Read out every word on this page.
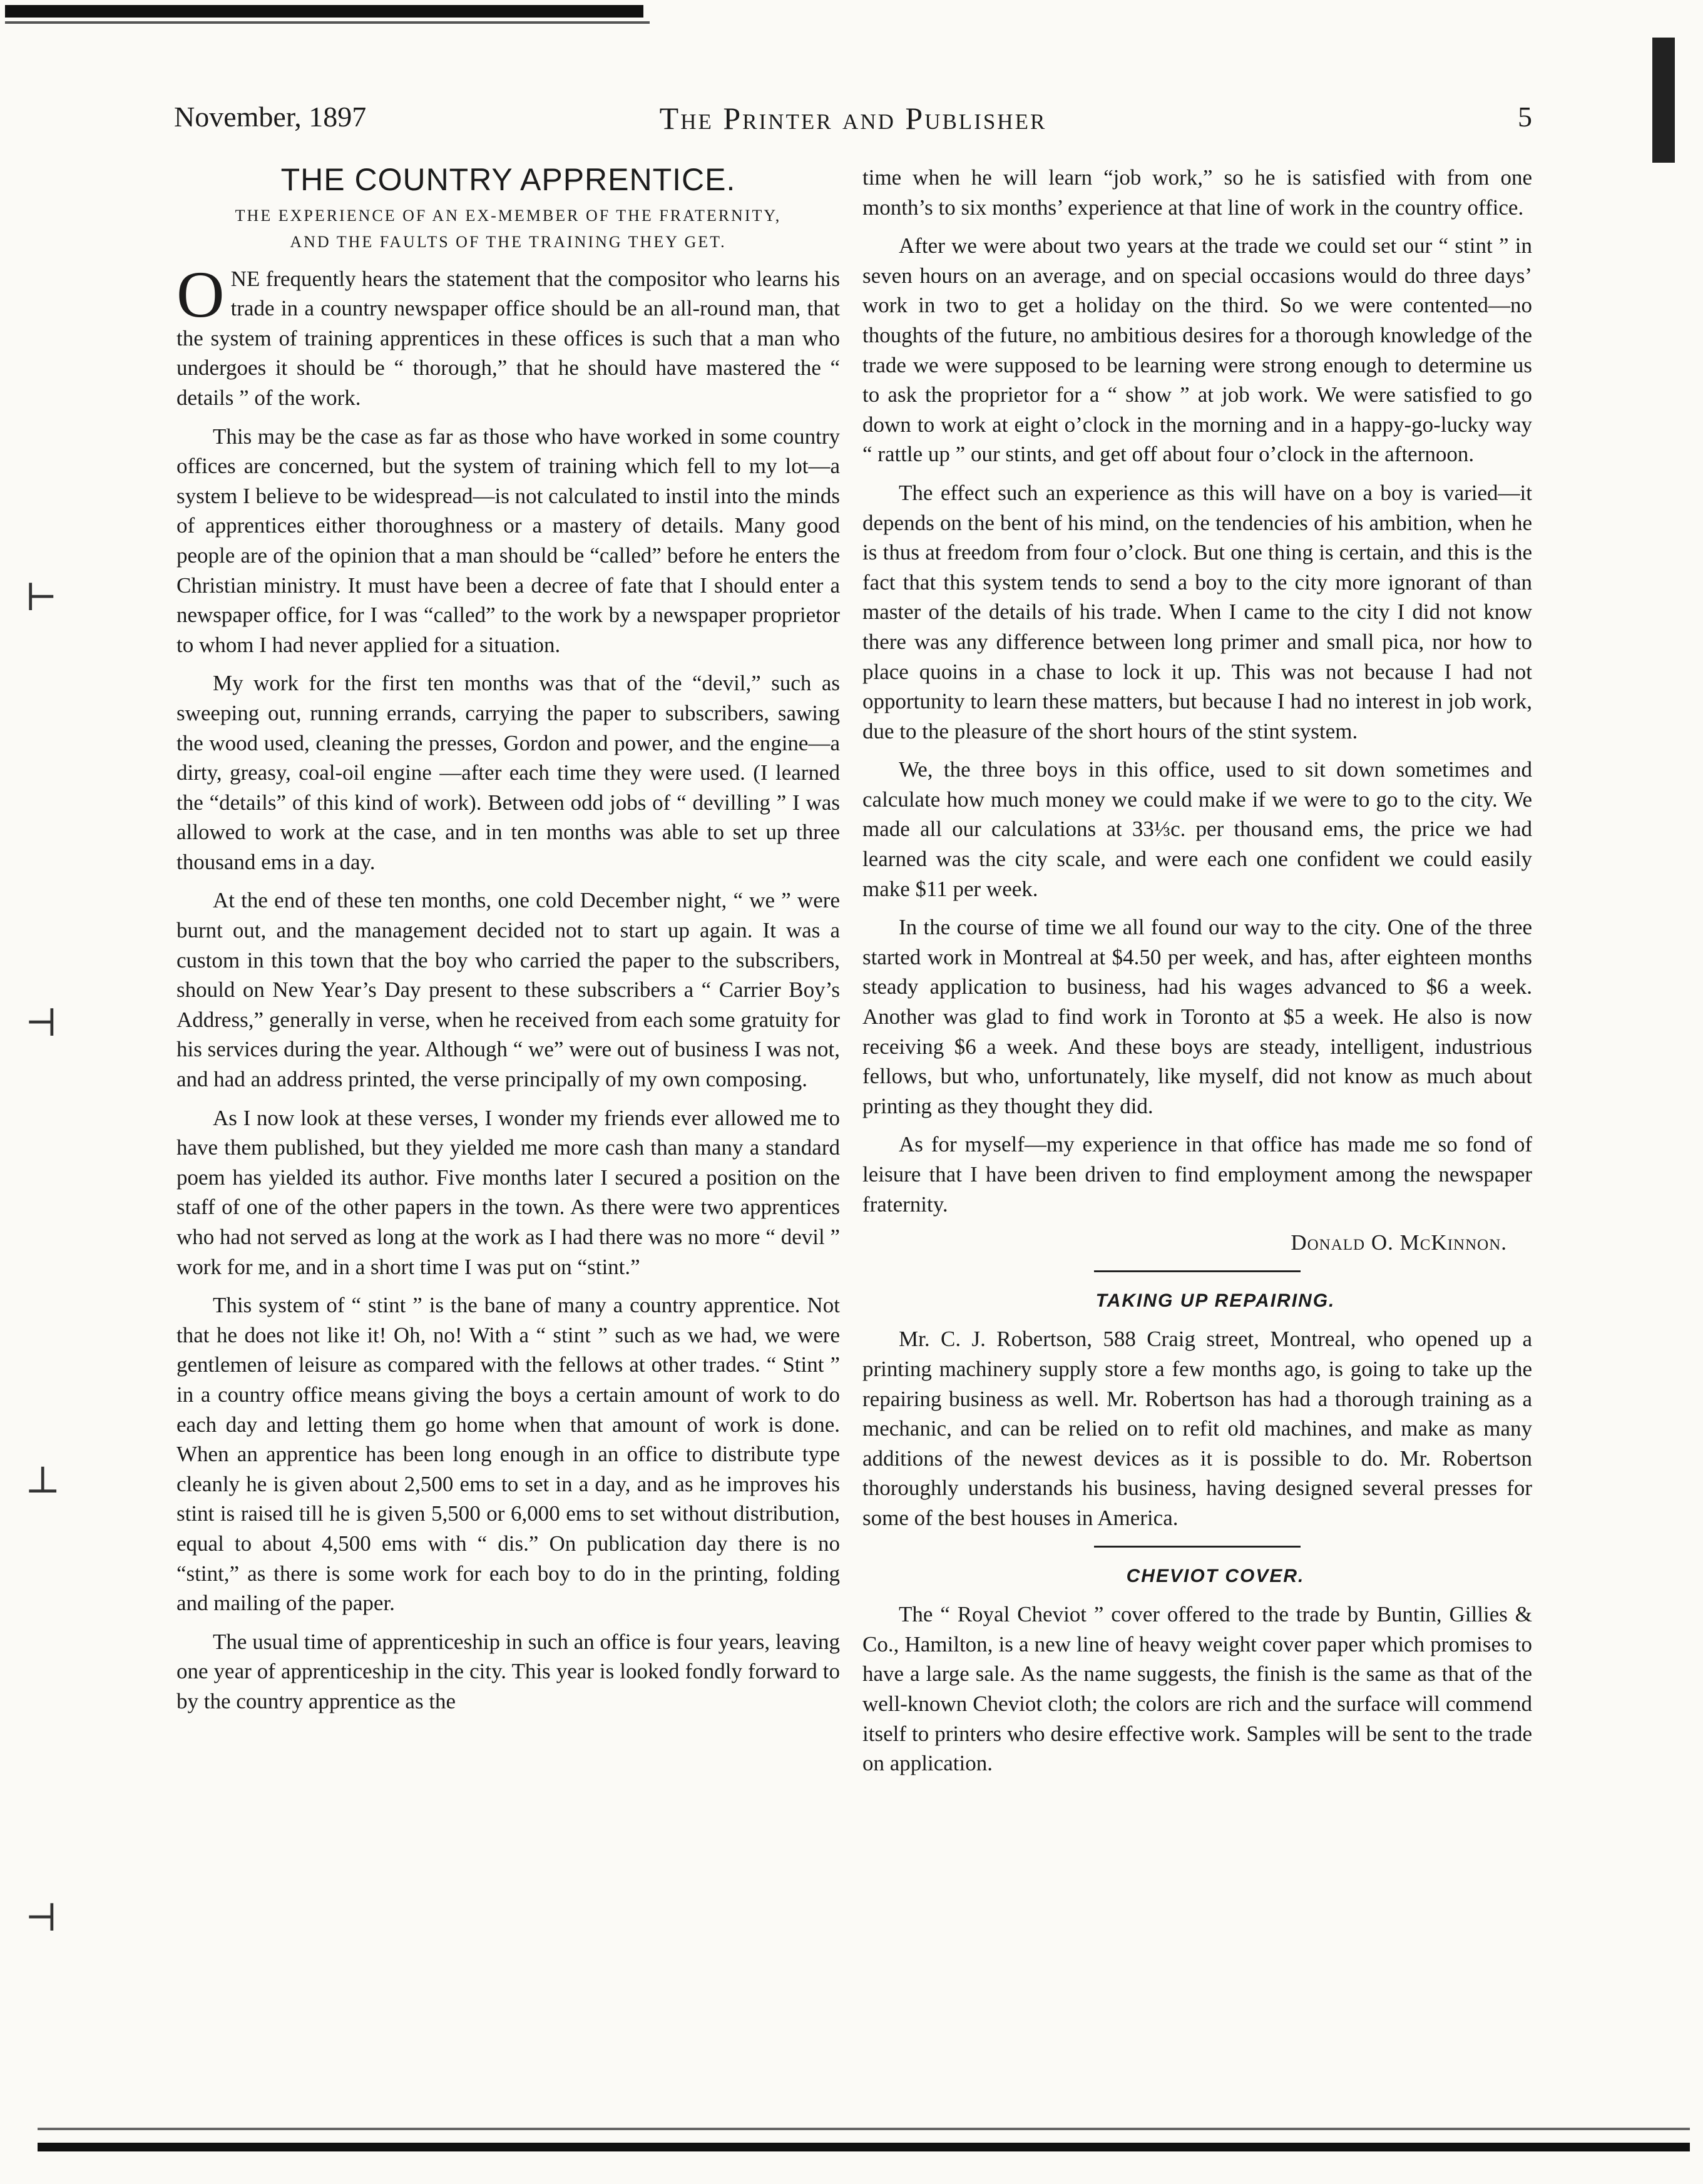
⊢
⊣
⊥
⊣
November, 1897	The Printer and Publisher	5
THE COUNTRY APPRENTICE.
THE EXPERIENCE OF AN EX-MEMBER OF THE FRATERNITY,
AND THE FAULTS OF THE TRAINING THEY GET.

ONE frequently hears the statement that the compositor who learns his trade in a country newspaper office should be an all-round man, that the system of training apprentices in these offices is such that a man who undergoes it should be “ thorough,” that he should have mastered the “ details ” of the work.

This may be the case as far as those who have worked in some country offices are concerned, but the system of training which fell to my lot—a system I believe to be widespread—is not calculated to instil into the minds of apprentices either thoroughness or a mastery of details. Many good people are of the opinion that a man should be “called” before he enters the Christian ministry. It must have been a decree of fate that I should enter a newspaper office, for I was “called” to the work by a newspaper proprietor to whom I had never applied for a situation.

My work for the first ten months was that of the “devil,” such as sweeping out, running errands, carrying the paper to subscribers, sawing the wood used, cleaning the presses, Gordon and power, and the engine—a dirty, greasy, coal-oil engine —after each time they were used. (I learned the “details” of this kind of work). Between odd jobs of “ devilling ” I was allowed to work at the case, and in ten months was able to set up three thousand ems in a day.

At the end of these ten months, one cold December night, “ we ” were burnt out, and the management decided not to start up again. It was a custom in this town that the boy who carried the paper to the subscribers, should on New Year’s Day present to these subscribers a “ Carrier Boy’s Address,” generally in verse, when he received from each some gratuity for his services during the year. Although “ we” were out of business I was not, and had an address printed, the verse principally of my own composing.

As I now look at these verses, I wonder my friends ever allowed me to have them published, but they yielded me more cash than many a standard poem has yielded its author. Five months later I secured a position on the staff of one of the other papers in the town. As there were two apprentices who had not served as long at the work as I had there was no more “ devil ” work for me, and in a short time I was put on “stint.”

This system of “ stint ” is the bane of many a country apprentice. Not that he does not like it! Oh, no! With a “ stint ” such as we had, we were gentlemen of leisure as compared with the fellows at other trades. “ Stint ” in a country office means giving the boys a certain amount of work to do each day and letting them go home when that amount of work is done. When an apprentice has been long enough in an office to distribute type cleanly he is given about 2,500 ems to set in a day, and as he improves his stint is raised till he is given 5,500 or 6,000 ems to set without distribution, equal to about 4,500 ems with “ dis.” On publication day there is no “stint,” as there is some work for each boy to do in the printing, folding and mailing of the paper.

The usual time of apprenticeship in such an office is four years, leaving one year of apprenticeship in the city. This year is looked fondly forward to by the country apprentice as the

time when he will learn “job work,” so he is satisfied with from one month’s to six months’ experience at that line of work in the country office.

After we were about two years at the trade we could set our “ stint ” in seven hours on an average, and on special occasions would do three days’ work in two to get a holiday on the third. So we were contented—no thoughts of the future, no ambitious desires for a thorough knowledge of the trade we were supposed to be learning were strong enough to determine us to ask the proprietor for a “ show ” at job work. We were satisfied to go down to work at eight o’clock in the morning and in a happy-go-lucky way “ rattle up ” our stints, and get off about four o’clock in the afternoon.

The effect such an experience as this will have on a boy is varied—it depends on the bent of his mind, on the tendencies of his ambition, when he is thus at freedom from four o’clock. But one thing is certain, and this is the fact that this system tends to send a boy to the city more ignorant of than master of the details of his trade. When I came to the city I did not know there was any difference between long primer and small pica, nor how to place quoins in a chase to lock it up. This was not because I had not opportunity to learn these matters, but because I had no interest in job work, due to the pleasure of the short hours of the stint system.

We, the three boys in this office, used to sit down sometimes and calculate how much money we could make if we were to go to the city. We made all our calculations at 33⅓c. per thousand ems, the price we had learned was the city scale, and were each one confident we could easily make $11 per week.

In the course of time we all found our way to the city. One of the three started work in Montreal at $4.50 per week, and has, after eighteen months steady application to business, had his wages advanced to $6 a week. Another was glad to find work in Toronto at $5 a week. He also is now receiving $6 a week. And these boys are steady, intelligent, industrious fellows, but who, unfortunately, like myself, did not know as much about printing as they thought they did.

As for myself—my experience in that office has made me so fond of leisure that I have been driven to find employment among the newspaper fraternity.

Donald O. McKinnon.

TAKING UP REPAIRING.

Mr. C. J. Robertson, 588 Craig street, Montreal, who opened up a printing machinery supply store a few months ago, is going to take up the repairing business as well. Mr. Robertson has had a thorough training as a mechanic, and can be relied on to refit old machines, and make as many additions of the newest devices as it is possible to do. Mr. Robertson thoroughly understands his business, having designed several presses for some of the best houses in America.

CHEVIOT COVER.

The “ Royal Cheviot ” cover offered to the trade by Buntin, Gillies & Co., Hamilton, is a new line of heavy weight cover paper which promises to have a large sale. As the name suggests, the finish is the same as that of the well-known Cheviot cloth; the colors are rich and the surface will commend itself to printers who desire effective work. Samples will be sent to the trade on application.
